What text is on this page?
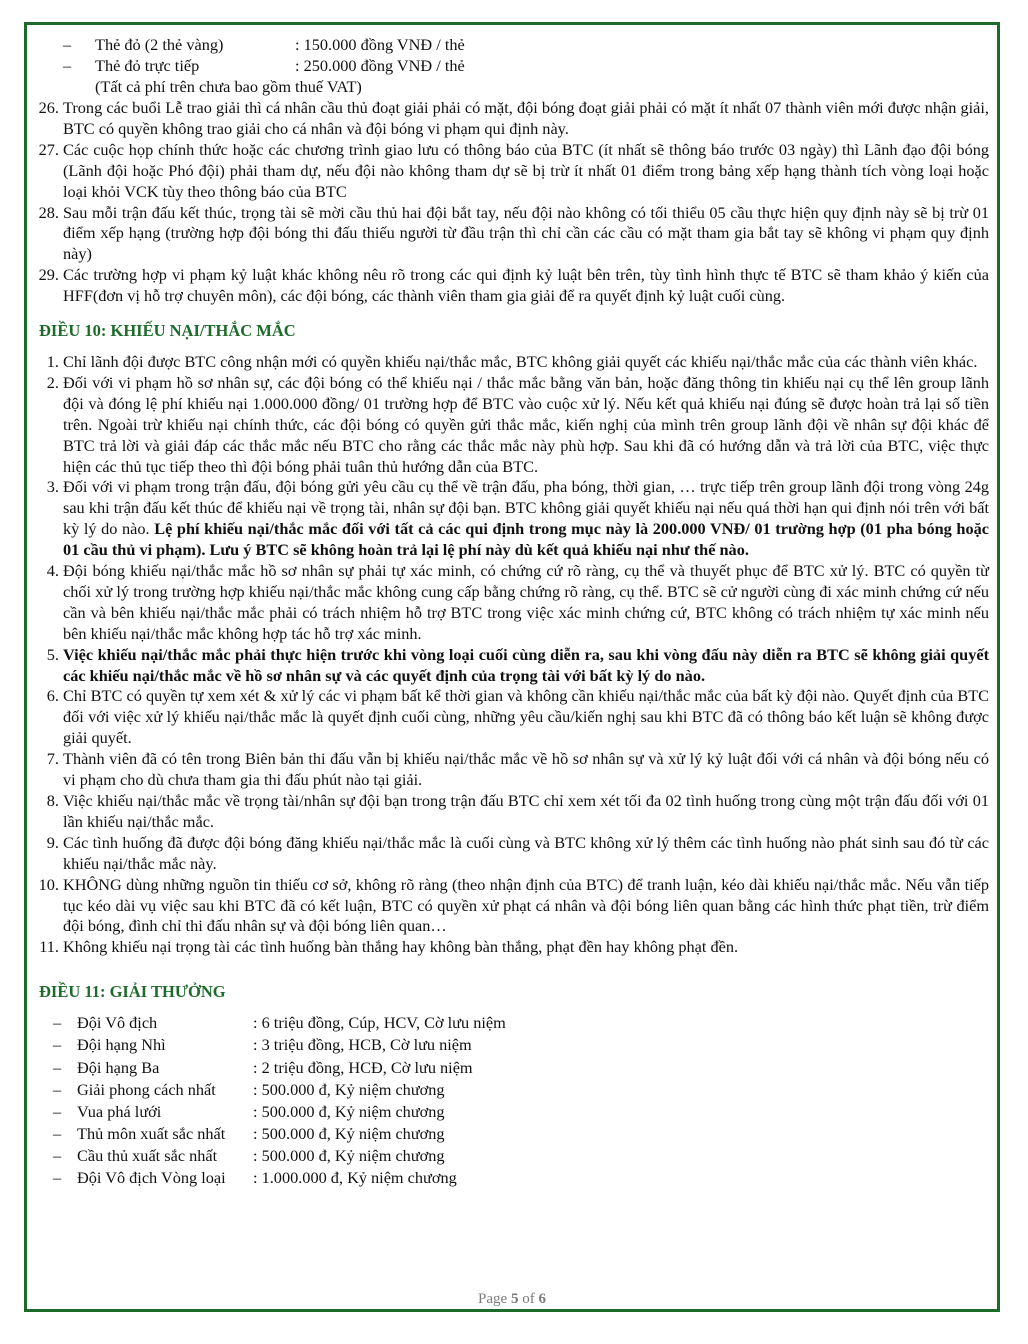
– Thẻ đỏ (2 thẻ vàng)	: 150.000 đồng VNĐ / thẻ
– Thẻ đỏ trực tiếp	: 250.000 đồng VNĐ / thẻ
(Tất cả phí trên chưa bao gồm thuế VAT)
26. Trong các buổi Lễ trao giải thì cá nhân cầu thủ đoạt giải phải có mặt, đội bóng đoạt giải phải có mặt ít nhất 07 thành viên mới được nhận giải, BTC có quyền không trao giải cho cá nhân và đội bóng vi phạm qui định này.
27. Các cuộc họp chính thức hoặc các chương trình giao lưu có thông báo của BTC (ít nhất sẽ thông báo trước 03 ngày) thì Lãnh đạo đội bóng (Lãnh đội hoặc Phó đội) phải tham dự, nếu đội nào không tham dự sẽ bị trừ ít nhất 01 điểm trong bảng xếp hạng thành tích vòng loại hoặc loại khỏi VCK tùy theo thông báo của BTC
28. Sau mỗi trận đấu kết thúc, trọng tài sẽ mời cầu thủ hai đội bắt tay, nếu đội nào không có tối thiểu 05 cầu thực hiện quy định này sẽ bị trừ 01 điểm xếp hạng (trường hợp đội bóng thi đấu thiếu người từ đầu trận thì chỉ cần các cầu có mặt tham gia bắt tay sẽ không vi phạm quy định này)
29. Các trường hợp vi phạm kỷ luật khác không nêu rõ trong các qui định kỷ luật bên trên, tùy tình hình thực tế BTC sẽ tham khảo ý kiến của HFF(đơn vị hỗ trợ chuyên môn), các đội bóng, các thành viên tham gia giải để ra quyết định kỷ luật cuối cùng.
ĐIỀU 10: KHIẾU NẠI/THẮC MẮC
1. Chỉ lãnh đội được BTC công nhận mới có quyền khiếu nại/thắc mắc, BTC không giải quyết các khiếu nại/thắc mắc của các thành viên khác.
2. Đối với vi phạm hồ sơ nhân sự, các đội bóng có thể khiếu nại / thắc mắc bằng văn bản, hoặc đăng thông tin khiếu nại cụ thể lên group lãnh đội và đóng lệ phí khiếu nại 1.000.000 đồng/ 01 trường hợp để BTC vào cuộc xử lý. Nếu kết quả khiếu nại đúng sẽ được hoàn trả lại số tiền trên. Ngoài trừ khiếu nại chính thức, các đội bóng có quyền gửi thắc mắc, kiến nghị của mình trên group lãnh đội về nhân sự đội khác để BTC trả lời và giải đáp các thắc mắc nếu BTC cho rằng các thắc mắc này phù hợp. Sau khi đã có hướng dẫn và trả lời của BTC, việc thực hiện các thủ tục tiếp theo thì đội bóng phải tuân thủ hướng dẫn của BTC.
3. Đối với vi phạm trong trận đấu, đội bóng gửi yêu cầu cụ thể về trận đấu, pha bóng, thời gian, … trực tiếp trên group lãnh đội trong vòng 24g sau khi trận đấu kết thúc để khiếu nại về trọng tài, nhân sự đội bạn. BTC không giải quyết khiếu nại nếu quá thời hạn qui định nói trên với bất kỳ lý do nào. Lệ phí khiếu nại/thắc mắc đối với tất cả các qui định trong mục này là 200.000 VNĐ/ 01 trường hợp (01 pha bóng hoặc 01 cầu thủ vi phạm). Lưu ý BTC sẽ không hoàn trả lại lệ phí này dù kết quả khiếu nại như thế nào.
4. Đội bóng khiếu nại/thắc mắc hồ sơ nhân sự phải tự xác minh, có chứng cứ rõ ràng, cụ thể và thuyết phục để BTC xử lý. BTC có quyền từ chối xử lý trong trường hợp khiếu nại/thắc mắc không cung cấp bằng chứng rõ ràng, cụ thể. BTC sẽ cử người cùng đi xác minh chứng cứ nếu cần và bên khiếu nại/thắc mắc phải có trách nhiệm hỗ trợ BTC trong việc xác minh chứng cứ, BTC không có trách nhiệm tự xác minh nếu bên khiếu nại/thắc mắc không hợp tác hỗ trợ xác minh.
5. Việc khiếu nại/thắc mắc phải thực hiện trước khi vòng loại cuối cùng diễn ra, sau khi vòng đấu này diễn ra BTC sẽ không giải quyết các khiếu nại/thắc mắc về hồ sơ nhân sự và các quyết định của trọng tài với bất kỳ lý do nào.
6. Chỉ BTC có quyền tự xem xét & xử lý các vi phạm bất kể thời gian và không cần khiếu nại/thắc mắc của bất kỳ đội nào. Quyết định của BTC đối với việc xử lý khiếu nại/thắc mắc là quyết định cuối cùng, những yêu cầu/kiến nghị sau khi BTC đã có thông báo kết luận sẽ không được giải quyết.
7. Thành viên đã có tên trong Biên bản thi đấu vẫn bị khiếu nại/thắc mắc về hồ sơ nhân sự và xử lý kỷ luật đối với cá nhân và đội bóng nếu có vi phạm cho dù chưa tham gia thi đấu phút nào tại giải.
8. Việc khiếu nại/thắc mắc về trọng tài/nhân sự đội bạn trong trận đấu BTC chỉ xem xét tối đa 02 tình huống trong cùng một trận đấu đối với 01 lần khiếu nại/thắc mắc.
9. Các tình huống đã được đội bóng đăng khiếu nại/thắc mắc là cuối cùng và BTC không xử lý thêm các tình huống nào phát sinh sau đó từ các khiếu nại/thắc mắc này.
10. KHÔNG dùng những nguồn tin thiếu cơ sở, không rõ ràng (theo nhận định của BTC) để tranh luận, kéo dài khiếu nại/thắc mắc. Nếu vẫn tiếp tục kéo dài vụ việc sau khi BTC đã có kết luận, BTC có quyền xử phạt cá nhân và đội bóng liên quan bằng các hình thức phạt tiền, trừ điểm đội bóng, đình chỉ thi đấu nhân sự và đội bóng liên quan…
11. Không khiếu nại trọng tài các tình huống bàn thắng hay không bàn thắng, phạt đền hay không phạt đền.
ĐIỀU 11: GIẢI THƯỞNG
– Đội Vô địch	: 6 triệu đồng, Cúp, HCV, Cờ lưu niệm
– Đội hạng Nhì	: 3 triệu đồng, HCB, Cờ lưu niệm
– Đội hạng Ba	: 2 triệu đồng, HCĐ, Cờ lưu niệm
– Giải phong cách nhất : 500.000 đ, Kỷ niệm chương
– Vua phá lưới	: 500.000 đ, Kỷ niệm chương
– Thủ môn xuất sắc nhất : 500.000 đ, Kỷ niệm chương
– Cầu thủ xuất sắc nhất : 500.000 đ, Kỷ niệm chương
– Đội Vô địch Vòng loại : 1.000.000 đ, Kỷ niệm chương
Page 5 of 6
